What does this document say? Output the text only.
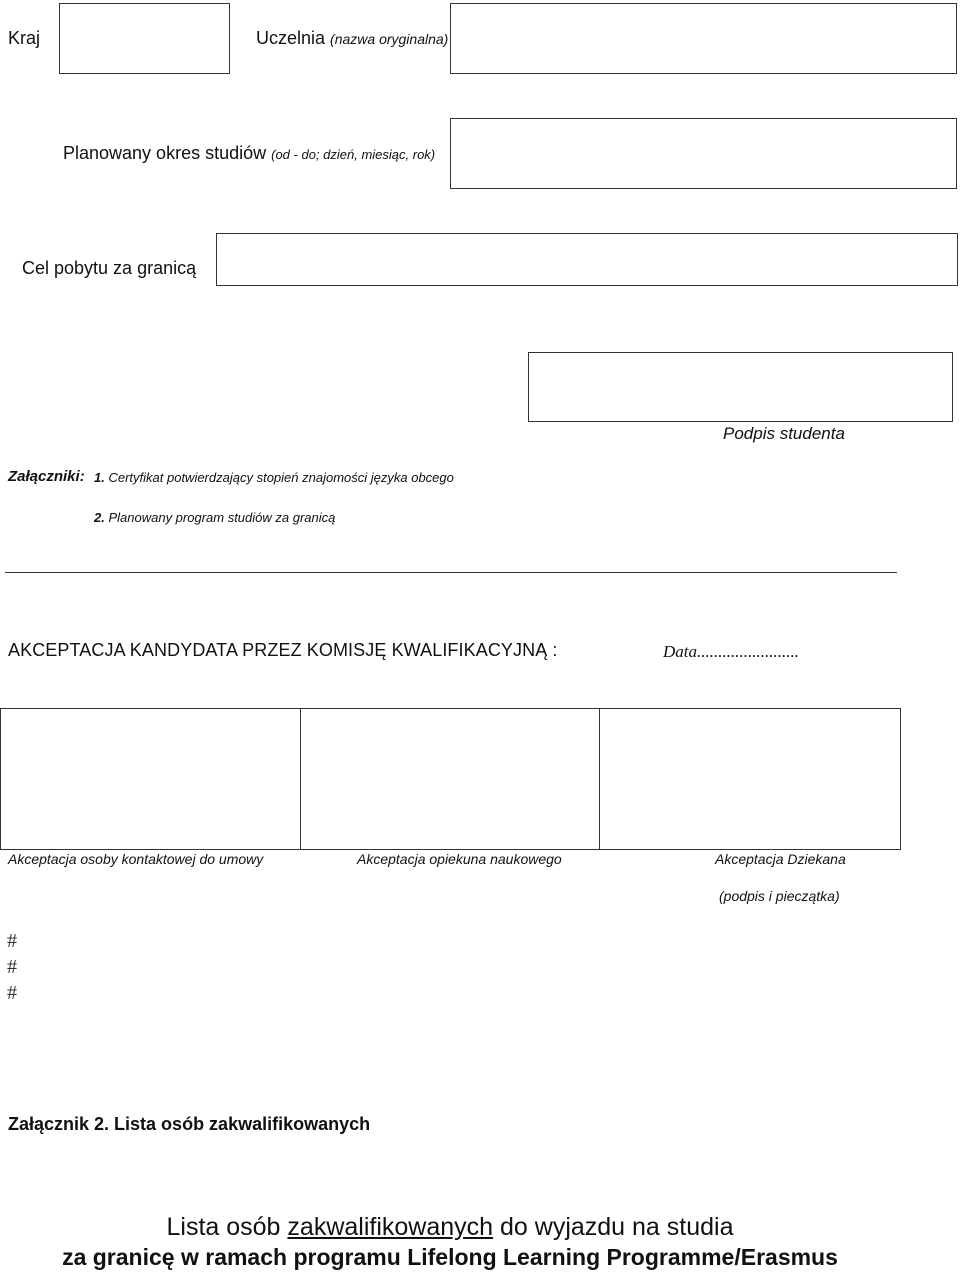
Kraj	Uczelnia (nazwa oryginalna)
Planowany okres studiów (od - do; dzień, miesiąc, rok)
Cel pobytu za granicą
Podpis studenta
Załączniki: 1. Certyfikat potwierdzający stopień znajomości języka obcego
2. Planowany program studiów za granicą
AKCEPTACJA KANDYDATA PRZEZ KOMISJĘ KWALIFIKACYJNĄ :	Data........................
Akceptacja osoby kontaktowej do umowy	Akceptacja opiekuna naukowego	Akceptacja Dziekana
(podpis i pieczątka)
#
#
#
Załącznik 2. Lista osób zakwalifikowanych
Lista osób zakwalifikowanych do wyjazdu na studia
za granicę w ramach programu Lifelong Learning Programme/Erasmus
